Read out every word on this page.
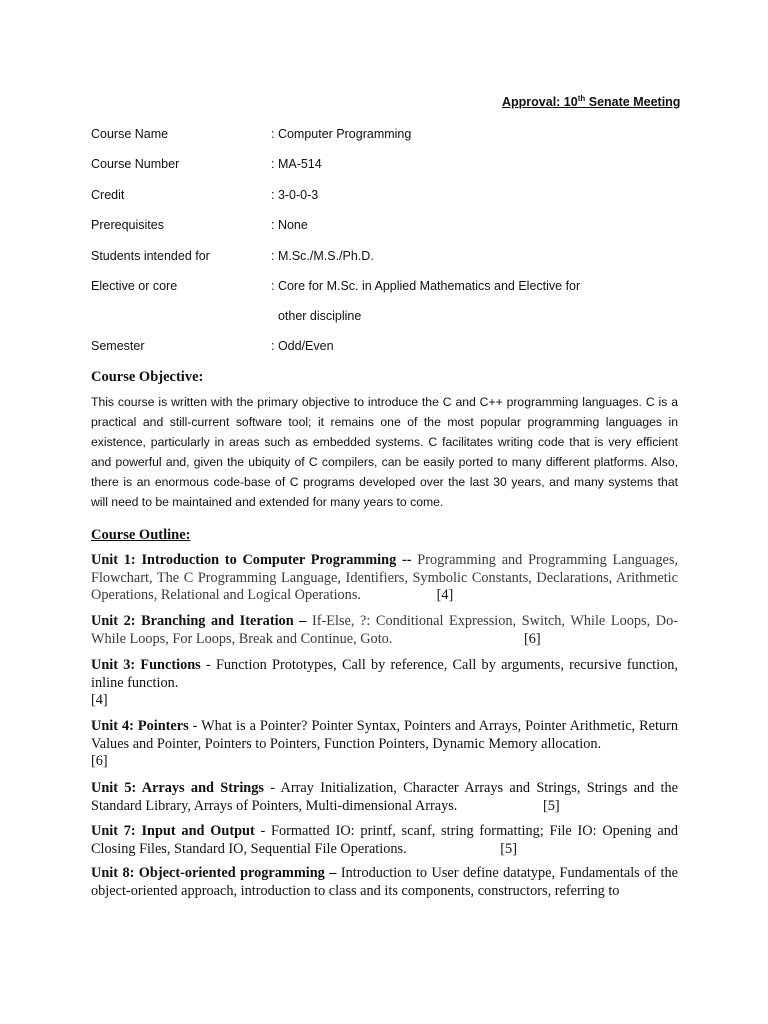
Approval: 10th Senate Meeting
Course Name	: Computer Programming
Course Number	: MA-514
Credit	: 3-0-0-3
Prerequisites	: None
Students intended for	: M.Sc./M.S./Ph.D.
Elective or core	: Core for M.Sc. in Applied Mathematics and Elective for
other discipline
Semester	: Odd/Even
Course Objective:
This course is written with the primary objective to introduce the C and C++ programming languages. C is a practical and still-current software tool; it remains one of the most popular programming languages in existence, particularly in areas such as embedded systems. C facilitates writing code that is very efficient and powerful and, given the ubiquity of C compilers, can be easily ported to many different platforms. Also, there is an enormous code-base of C programs developed over the last 30 years, and many systems that will need to be maintained and extended for many years to come.
Course Outline:
Unit 1: Introduction to Computer Programming -- Programming and Programming Languages, Flowchart, The C Programming Language, Identifiers, Symbolic Constants, Declarations, Arithmetic Operations, Relational and Logical Operations.	[4]
Unit 2: Branching and Iteration – If-Else, ?: Conditional Expression, Switch, While Loops, Do-While Loops, For Loops, Break and Continue, Goto.	[6]
Unit 3: Functions - Function Prototypes, Call by reference, Call by arguments, recursive function, inline function.
[4]
Unit 4: Pointers - What is a Pointer? Pointer Syntax, Pointers and Arrays, Pointer Arithmetic, Return Values and Pointer, Pointers to Pointers, Function Pointers, Dynamic Memory allocation.
[6]
Unit 5: Arrays and Strings - Array Initialization, Character Arrays and Strings, Strings and the Standard Library, Arrays of Pointers, Multi-dimensional Arrays.	[5]
Unit 7: Input and Output - Formatted IO: printf, scanf, string formatting; File IO: Opening and Closing Files, Standard IO, Sequential File Operations.	[5]
Unit 8: Object-oriented programming – Introduction to User define datatype, Fundamentals of the object-oriented approach, introduction to class and its components, constructors, referring to
